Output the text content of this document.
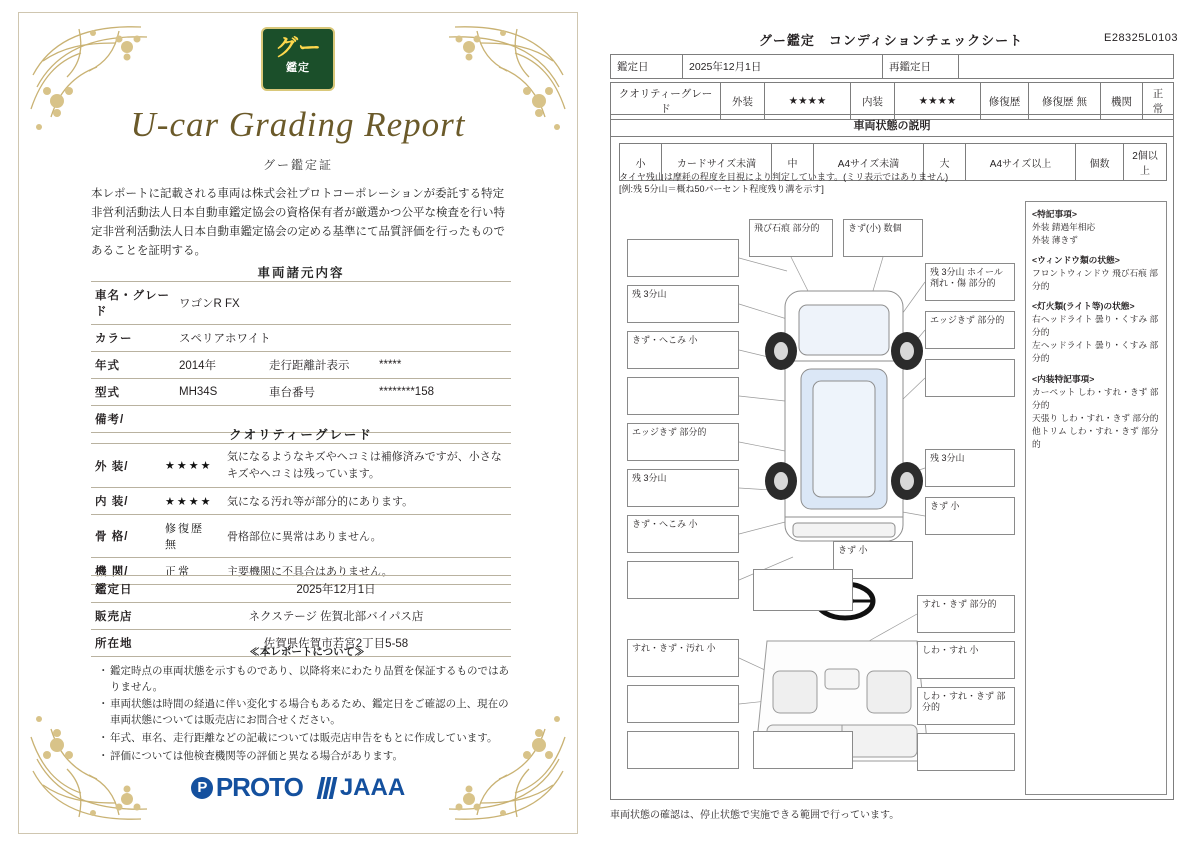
グー
鑑定
U-car Grading Report
グー鑑定証
本レポートに記載される車両は株式会社プロトコーポレーションが委託する特定非営利活動法人日本自動車鑑定協会の資格保有者が厳選かつ公平な検査を行い特定非営利活動法人日本自動車鑑定協会の定める基準にて品質評価を行ったものであることを証明する。
車両諸元内容
車名・グレード	ワゴンR FX		
カラー	スペリアホワイト		
年式	2014年	走行距離計表示	*****
型式	MH34S	車台番号	********158
備考/			
クオリティーグレード
外 装/	★★★★	気になるようなキズやヘコミは補修済みですが、小さなキズやヘコミは残っています。
内 装/	★★★★	気になる汚れ等が部分的にあります。
骨 格/	修復歴 無	骨格部位に異常はありません。
機 関/	正常	主要機関に不具合はありません。
鑑定日	2025年12月1日
販売店	ネクステージ 佐賀北部バイパス店
所在地	佐賀県佐賀市若宮2丁目5-58
≪本レポートについて≫
・ 鑑定時点の車両状態を示すものであり、以降将来にわたり品質を保証するものではありません。
・ 車両状態は時間の経過に伴い変化する場合もあるため、鑑定日をご確認の上、現在の車両状態については販売店にお問合せください。
・ 年式、車名、走行距離などの記載については販売店申告をもとに作成しています。
・ 評価については他検査機関等の評価と異なる場合があります。
P PROTO JAAA
グー鑑定　コンディションチェックシート	E28325L0103
鑑定日	2025年12月1日	再鑑定日	
クオリティーグレード	外装	★★★★	内装	★★★★	修復歴	修復歴 無	機関	正常
車両状態の説明
小	カードサイズ未満	中	A4サイズ未満	大	A4サイズ以上	個数	2個以上
タイヤ残山は摩耗の程度を目視により判定しています。(ミリ表示ではありません)
[例:残 5分山＝概ね50パーセント程度残り溝を示す]
飛び石痕 部分的	きず(小) 数個
残 3分山
残 3分山 ホイール剤れ・傷 部分的
きず・へこみ 小
エッジきず 部分的
エッジきず 部分的
残 3分山
残 3分山
きず・へこみ 小
きず 小
きず 小
すれ・きず 部分的
すれ・きず・汚れ 小	しわ・すれ 小
しわ・すれ・きず 部分的
<特記事項>
外装 錆過年相応
外装 薄きず
<ウィンドウ類の状態>
フロントウィンドウ 飛び石痕 部分的
<灯火類(ライト等)の状態>
右ヘッドライト 曇り・くすみ 部分的
左ヘッドライト 曇り・くすみ 部分的
<内装特記事項>
カーペット しわ・すれ・きず 部分的
天張り しわ・すれ・きず 部分的
他トリム しわ・すれ・きず 部分的
車両状態の確認は、停止状態で実施できる範囲で行っています。
